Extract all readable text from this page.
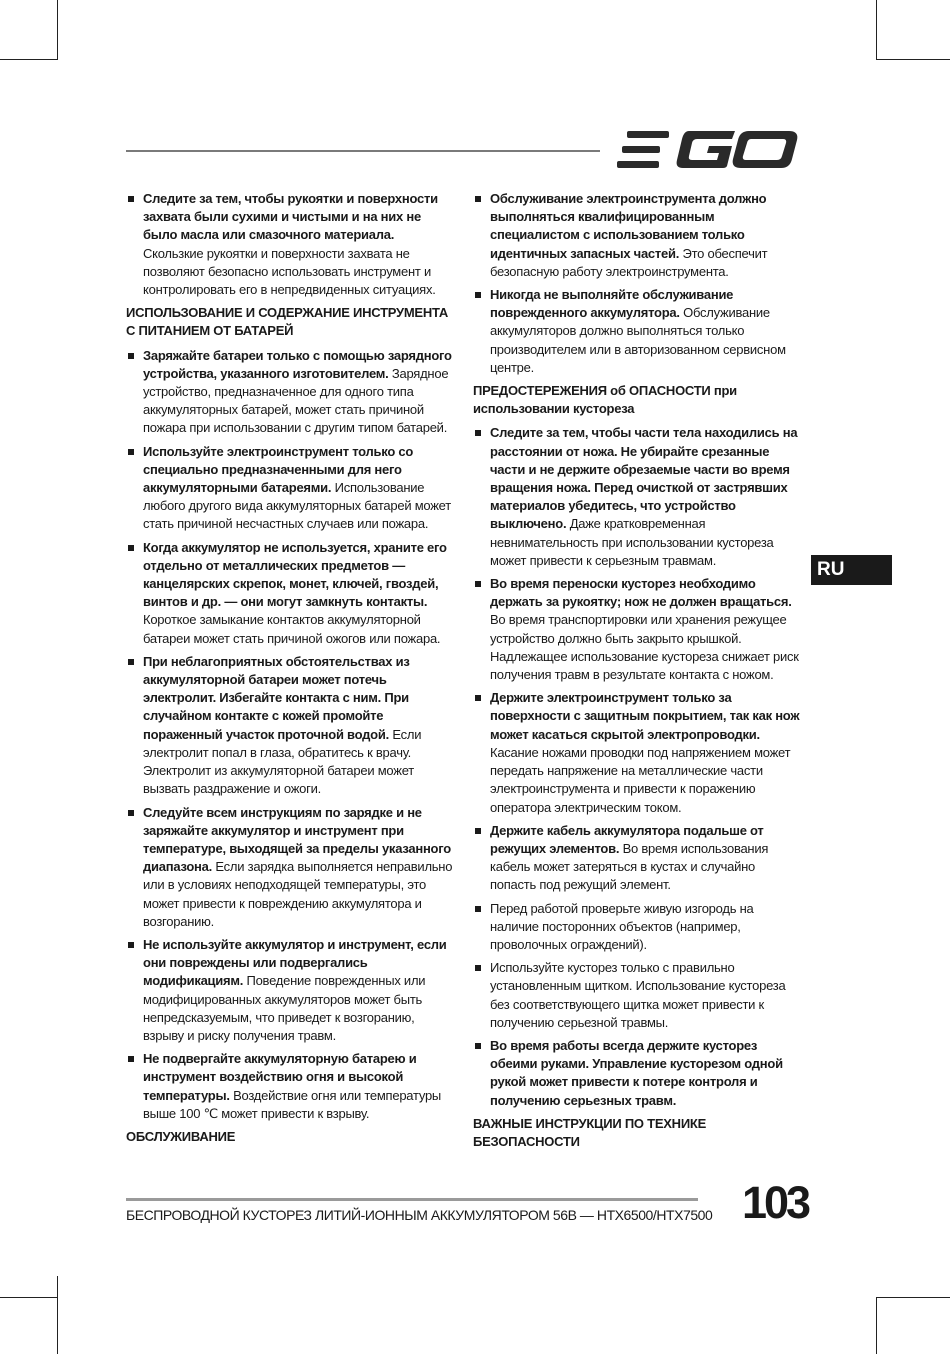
Следите за тем, чтобы рукоятки и поверхности захвата были сухими и чистыми и на них не было масла или смазочного материала. Скользкие рукоятки и поверхности захвата не позволяют безопасно использовать инструмент и контролировать его в непредвиденных ситуациях.
ИСПОЛЬЗОВАНИЕ И СОДЕРЖАНИЕ ИНСТРУМЕНТА С ПИТАНИЕМ ОТ БАТАРЕЙ
Заряжайте батареи только с помощью зарядного устройства, указанного изготовителем. Зарядное устройство, предназначенное для одного типа аккумуляторных батарей, может стать причиной пожара при использовании с другим типом батарей.
Используйте электроинструмент только со специально предназначенными для него аккумуляторными батареями. Использование любого другого вида аккумуляторных батарей может стать причиной несчастных случаев или пожара.
Когда аккумулятор не используется, храните его отдельно от металлических предметов — канцелярских скрепок, монет, ключей, гвоздей, винтов и др. — они могут замкнуть контакты. Короткое замыкание контактов аккумуляторной батареи может стать причиной ожогов или пожара.
При неблагоприятных обстоятельствах из аккумуляторной батареи может потечь электролит. Избегайте контакта с ним. При случайном контакте с кожей промойте пораженный участок проточной водой. Если электролит попал в глаза, обратитесь к врачу. Электролит из аккумуляторной батареи может вызвать раздражение и ожоги.
Следуйте всем инструкциям по зарядке и не заряжайте аккумулятор и инструмент при температуре, выходящей за пределы указанного диапазона. Если зарядка выполняется неправильно или в условиях неподходящей температуры, это может привести к повреждению аккумулятора и возгоранию.
Не используйте аккумулятор и инструмент, если они повреждены или подвергались модификациям. Поведение поврежденных или модифицированных аккумуляторов может быть непредсказуемым, что приведет к возгоранию, взрыву и риску получения травм.
Не подвергайте аккумуляторную батарею и инструмент воздействию огня и высокой температуры. Воздействие огня или температуры выше 100 ℃ может привести к взрыву.
ОБСЛУЖИВАНИЕ
Обслуживание электроинструмента должно выполняться квалифицированным специалистом с использованием только идентичных запасных частей. Это обеспечит безопасную работу электроинструмента.
Никогда не выполняйте обслуживание поврежденного аккумулятора. Обслуживание аккумуляторов должно выполняться только производителем или в авторизованном сервисном центре.
ПРЕДОСТЕРЕЖЕНИЯ об ОПАСНОСТИ при использовании кустореза
Следите за тем, чтобы части тела находились на расстоянии от ножа. Не убирайте срезанные части и не держите обрезаемые части во время вращения ножа. Перед очисткой от застрявших материалов убедитесь, что устройство выключено. Даже кратковременная невнимательность при использовании кустореза может привести к серьезным травмам.
Во время переноски кусторез необходимо держать за рукоятку; нож не должен вращаться. Во время транспортировки или хранения режущее устройство должно быть закрыто крышкой. Надлежащее использование кустореза снижает риск получения травм в результате контакта с ножом.
Держите электроинструмент только за поверхности с защитным покрытием, так как нож может касаться скрытой электропроводки. Касание ножами проводки под напряжением может передать напряжение на металлические части электроинструмента и привести к поражению оператора электрическим током.
Держите кабель аккумулятора подальше от режущих элементов. Во время использования кабель может затеряться в кустах и случайно попасть под режущий элемент.
Перед работой проверьте живую изгородь на наличие посторонних объектов (например, проволочных ограждений).
Используйте кусторез только с правильно установленным щитком. Использование кустореза без соответствующего щитка может привести к получению серьезной травмы.
Во время работы всегда держите кусторез обеими руками. Управление кусторезом одной рукой может привести к потере контроля и получению серьезных травм.
ВАЖНЫЕ ИНСТРУКЦИИ ПО ТЕХНИКЕ БЕЗОПАСНОСТИ
RU
БЕСПРОВОДНОЙ КУСТОРЕЗ ЛИТИЙ-ИОННЫМ АККУМУЛЯТОРОМ 56В — HTX6500/HTX7500 103
